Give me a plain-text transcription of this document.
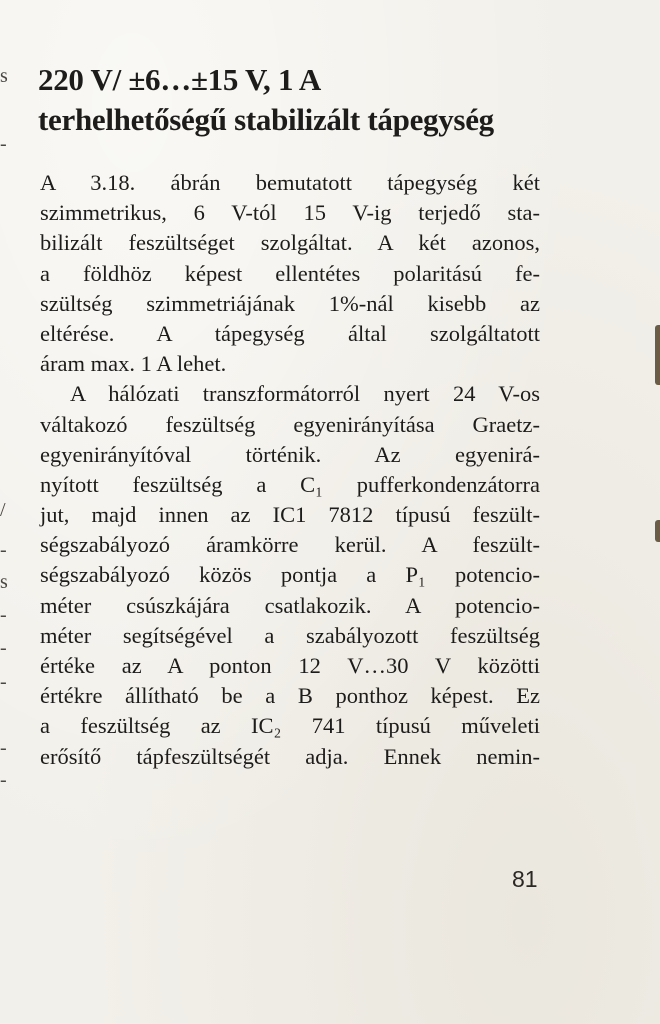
s
-
/
-
s
-
-
-
-
-
220 V/ ±6…±15 V, 1 A
terhelhetőségű stabilizált tápegység

A 3.18. ábrán bemutatott tápegység két
szimmetrikus, 6 V-tól 15 V-ig terjedő sta-
bilizált feszültséget szolgáltat. A két azonos,
a földhöz képest ellentétes polaritású fe-
szültség szimmetriájának 1%-nál kisebb az
eltérése. A tápegység által szolgáltatott
áram max. 1 A lehet.

A hálózati transzformátorról nyert 24 V-os
váltakozó feszültség egyenirányítása Graetz-
egyenirányítóval történik. Az egyenirá-
nyított feszültség a C₁ pufferkondenzátorra
jut, majd innen az IC1 7812 típusú feszült-
ségszabályozó áramkörre kerül. A feszült-
ségszabályozó közös pontja a P₁ potencio-
méter csúszkájára csatlakozik. A potencio-
méter segítségével a szabályozott feszültség
értéke az A ponton 12 V…30 V közötti
értékre állítható be a B ponthoz képest. Ez
a feszültség az IC₂ 741 típusú műveleti
erősítő tápfeszültségét adja. Ennek nemin-

81
